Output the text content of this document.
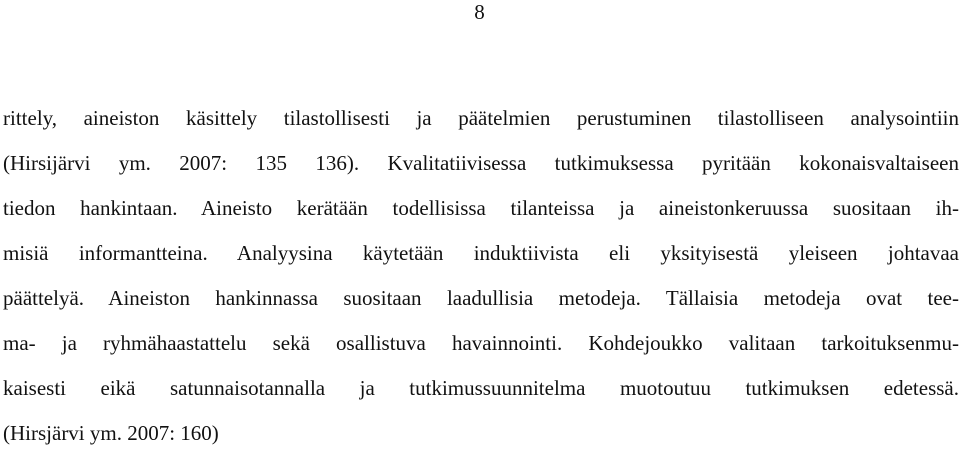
8
rittely, aineiston käsittely tilastollisesti ja päätelmien perustuminen tilastolliseen analysointiin
(Hirsijärvi ym. 2007: 135 136). Kvalitatiivisessa tutkimuksessa pyritään kokonaisvaltaiseen
tiedon hankintaan. Aineisto kerätään todellisissa tilanteissa ja aineistonkeruussa suositaan ih-
misiä informantteina. Analyysina käytetään induktiivista eli yksityisestä yleiseen johtavaa
päättelyä. Aineiston hankinnassa suositaan laadullisia metodeja. Tällaisia metodeja ovat tee-
ma- ja ryhmähaastattelu sekä osallistuva havainnointi. Kohdejoukko valitaan tarkoituksenmu-
kaisesti eikä satunnaisotannalla ja tutkimussuunnitelma muotoutuu tutkimuksen edetessä.
(Hirsjärvi ym. 2007: 160)
